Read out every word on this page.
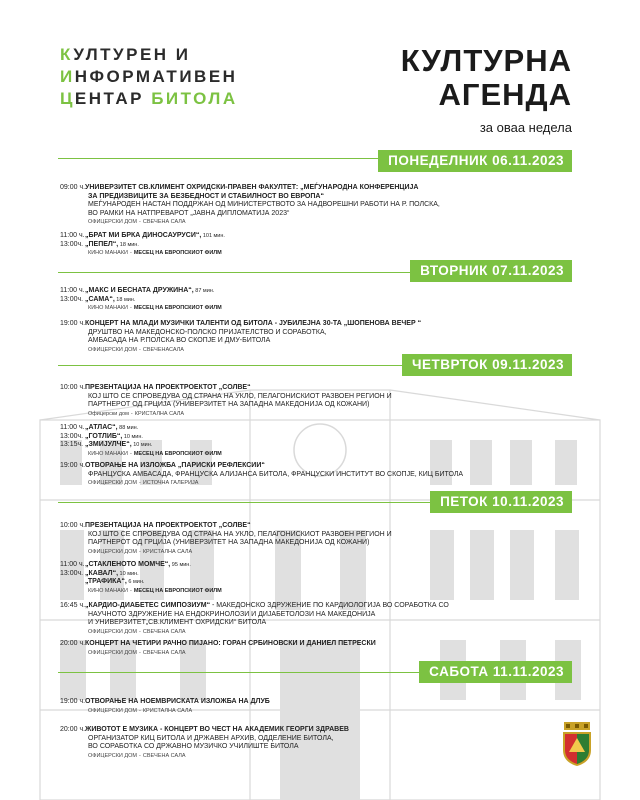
КУЛТУРЕН И
ИНФОРМАТИВЕН
ЦЕНТАР БИТОЛА
КУЛТУРНА
АГЕНДА
за оваа недела
ПОНЕДЕЛНИК 06.11.2023
09:00 ч.УНИВЕРЗИТЕТ СВ.КЛИМЕНТ ОХРИДСКИ-ПРАВЕН ФАКУЛТЕТ: „МЕЃУНАРОДНА КОНФЕРЕНЦИЈА
ЗА ПРЕДИЗВИЦИТЕ ЗА БЕЗБЕДНОСТ И СТАБИЛНОСТ ВО ЕВРОПА“
МЕЃУНАРОДЕН НАСТАН ПОДДРЖАН ОД МИНИСТЕРСТВОТО ЗА НАДВОРЕШНИ РАБОТИ НА Р. ПОЛСКА,
ВО РАМКИ НА НАТПРЕВАРОТ „ЈАВНА ДИПЛОМАТИЈА 2023“
ОФИЦЕРСКИ ДОМ - СВЕЧЕНА САЛА
11:00 ч.„БРАТ МИ БРКА ДИНОСАУРУСИ“, 101 мин.
13:00ч. „ПЕПЕЛ“, 18 мин.
КИНО МАНАКИ - МЕСЕЦ НА ЕВРОПСКИОТ ФИЛМ
ВТОРНИК 07.11.2023
11:00 ч.„МАКС И БЕСНАТА ДРУЖИНА“, 87 мин.
13:00ч. „САМА“, 18 мин.
КИНО МАНАКИ - МЕСЕЦ НА ЕВРОПСКИОТ ФИЛМ
19:00 ч.КОНЦЕРТ НА МЛАДИ МУЗИЧКИ ТАЛЕНТИ ОД БИТОЛА - ЈУБИЛЕЈНА 30-ТА „ШОПЕНОВА ВЕЧЕР “
ДРУШТВО НА МАКЕДОНСКО-ПОЛСКО ПРИЈАТЕЛСТВО И СОРАБОТКА,
АМБАСАДА НА Р.ПОЛСКА ВО СКОПЈЕ И ДМУ-БИТОЛА
ОФИЦЕРСКИ ДОМ - СВЕЧЕНАСАЛА
ЧЕТВРТОК 09.11.2023
10:00 ч.ПРЕЗЕНТАЦИЈА НА ПРОЕКТРОЕКТОТ „СОЛВЕ“
КОЈ ШТО СЕ СПРОВЕДУВА ОД СТРАНА НА УКЛО, ПЕЛАГОНИСКИОТ РАЗВОЕН РЕГИОН И
ПАРТНЕРОТ ОД ГРЦИЈА (УНИВЕРЗИТЕТ НА ЗАПАДНА МАКЕДОНИЈА ОД КОЖАНИ)
Офицерски дом - КРИСТАЛНА САЛА
11:00 ч.„АТЛАС“, 88 мин.
13:00ч. „ГОТЛИБ“, 10 мин.
13:15ч. „ЗМИЈУЛЧЕ“, 10 мин.
КИНО МАНАКИ - МЕСЕЦ НА ЕВРОПСКИОТ ФИЛМ
19:00 ч.ОТВОРАЊЕ НА ИЗЛОЖБА „ПАРИСКИ РЕФЛЕКСИИ“
ФРАНЦУСКА АМБАСАДА, ФРАНЦУСКА АЛИЈАНСА БИТОЛА, ФРАНЦУСКИ ИНСТИТУТ ВО СКОПЈЕ, КИЦ БИТОЛА
ОФИЦЕРСКИ ДОМ - ИСТОЧНА ГАЛЕРИЈА
ПЕТОК 10.11.2023
10:00 ч.ПРЕЗЕНТАЦИЈА НА ПРОЕКТРОЕКТОТ „СОЛВЕ“
КОЈ ШТО СЕ СПРОВЕДУВА ОД СТРАНА НА УКЛО, ПЕЛАГОНИСКИОТ РАЗВОЕН РЕГИОН И
ПАРТНЕРОТ ОД ГРЦИЈА (УНИВЕРЗИТЕТ НА ЗАПАДНА МАКЕДОНИЈА ОД КОЖАНИ)
ОФИЦЕРСКИ ДОМ - КРИСТАЛНА САЛА
11:00 ч.„СТАКЛЕНОТО МОМЧЕ“, 95 мин.
13:00ч. „КАВАЛ“, 10 мин.
„ТРАФИКА“, 6 мин.
КИНО МАНАКИ - МЕСЕЦ НА ЕВРОПСКИОТ ФИЛМ
16:45 ч.„КАРДИО-ДИАБЕТЕС СИМПОЗИУМ“ - МАКЕДОНСКО ЗДРУЖЕНИЕ ПО КАРДИОЛОГИЈА ВО СОРАБОТКА СО
НАУЧНОТО ЗДРУЖЕНИЕ НА ЕНДОКРИНОЛОЗИ И ДИЈАБЕТОЛОЗИ НА МАКЕДОНИЈА
И УНИВЕРЗИТЕТ„СВ.КЛИМЕНТ ОХРИДСКИ“ БИТОЛА
ОФИЦЕРСКИ ДОМ - СВЕЧЕНА САЛА
20:00 ч.КОНЦЕРТ НА ЧЕТИРИ РАЧНО ПИЈАНО: ГОРАН СРБИНОВСКИ И ДАНИЕЛ ПЕТРЕСКИ
ОФИЦЕРСКИ ДОМ - СВЕЧЕНА САЛА
САБОТА 11.11.2023
19:00 ч.ОТВОРАЊЕ НА НОЕМВРИСКАТА ИЗЛОЖБА НА ДЛУБ
ОФИЦЕРСКИ ДОМ - КРИСТАЛНА САЛА
20:00 ч.ЖИВОТОТ Е МУЗИКА - КОНЦЕРТ ВО ЧЕСТ НА АКАДЕМИК ГЕОРГИ ЗДРАВЕВ
ОРГАНИЗАТОР КИЦ БИТОЛА И ДРЖАВЕН АРХИВ, ОДДЕЛЕНИЕ БИТОЛА,
ВО СОРАБОТКА СО ДРЖАВНО МУЗИЧКО УЧИЛИШТЕ БИТОЛА
ОФИЦЕРСКИ ДОМ - СВЕЧЕНА САЛА
